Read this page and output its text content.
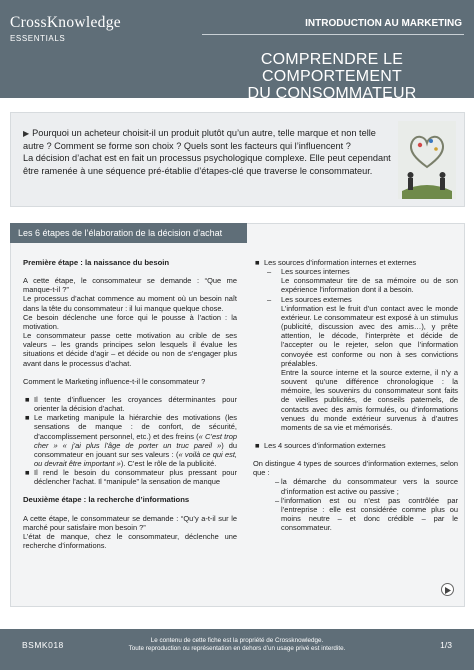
CrossKnowledge
ESSENTIALS
INTRODUCTION AU MARKETING
COMPRENDRE LE COMPORTEMENT
DU CONSOMMATEUR
▶ Pourquoi un acheteur choisit-il un produit plutôt qu’un autre, telle marque et non telle autre ? Comment se forme son choix ? Quels sont les facteurs qui l’influencent ?
La décision d’achat est en fait un processus psychologique complexe. Elle peut cependant être ramenée à une séquence pré-établie d’étapes-clé que traverse le consommateur.
Les 6 étapes de l’élaboration de la décision d’achat

Première étape : la naissance du besoin

A cette étape, le consommateur se demande : “Que me manque-t-il ?”

Le processus d’achat commence au moment où un besoin naît dans la tête du consommateur : il lui manque quelque chose.

Ce besoin déclenche une force qui le pousse à l’action : la motivation.

Le consommateur passe cette motivation au crible de ses valeurs – les grands principes selon lesquels il évalue les situations et décide d’agir – et décide ou non de s’engager plus avant dans le processus d’achat.

Comment le Marketing influence-t-il le consommateur ?

■ Il tente d’influencer les croyances déterminantes pour orienter la décision d’achat.

■ Le marketing manipule la hiérarchie des motivations (les sensations de manque : de confort, de sécurité, d’accomplissement personnel, etc.) et des freins (« C’est trop cher » « j’ai plus l’âge de porter un truc pareil ») du consommateur en jouant sur ses valeurs : (« voilà ce qui est, ou devrait être important »). C’est le rôle de la publicité.

■ Il rend le besoin du consommateur plus pressant pour déclencher l’achat. Il “manipule” la sensation de manque

Deuxième étape : la recherche d’informations

A cette étape, le consommateur se demande : “Qu’y a-t-il sur le marché pour satisfaire mon besoin ?”

L’état de manque, chez le consommateur, déclenche une recherche d’informations.

■ Les sources d’information internes et externes

– Les sources internes

Le consommateur tire de sa mémoire ou de son expérience l’information dont il a besoin.

– Les sources externes

L’information est le fruit d’un contact avec le monde extérieur. Le consommateur est exposé à un stimulus (publicité, discussion avec des amis…), y prête attention, le décode, l’interprète et décide de l’accepter ou le rejeter, selon que l’information convoyée est conforme ou non à ses convictions préalables.

Entre la source interne et la source externe, il n’y a souvent qu’une différence chronologique : la mémoire, les souvenirs du consommateur sont faits de vieilles publicités, de conseils paternels, de contacts avec des amis formulés, ou d’informations venues du monde extérieur survenus à d’autres moments de sa vie et mémorisés.

■ Les 4 sources d’information externes

On distingue 4 types de sources d’information externes, selon que :

– la démarche du consommateur vers la source d’information est active ou passive ;

– l’information est ou n’est pas contrôlée par l’entreprise : elle est considérée comme plus ou moins neutre – et donc crédible – par le consommateur.

BSMK018	Le contenu de cette fiche est la propriété de Crossknowledge.
Toute reproduction ou représentation en dehors d’un usage privé est interdite.	1/3
